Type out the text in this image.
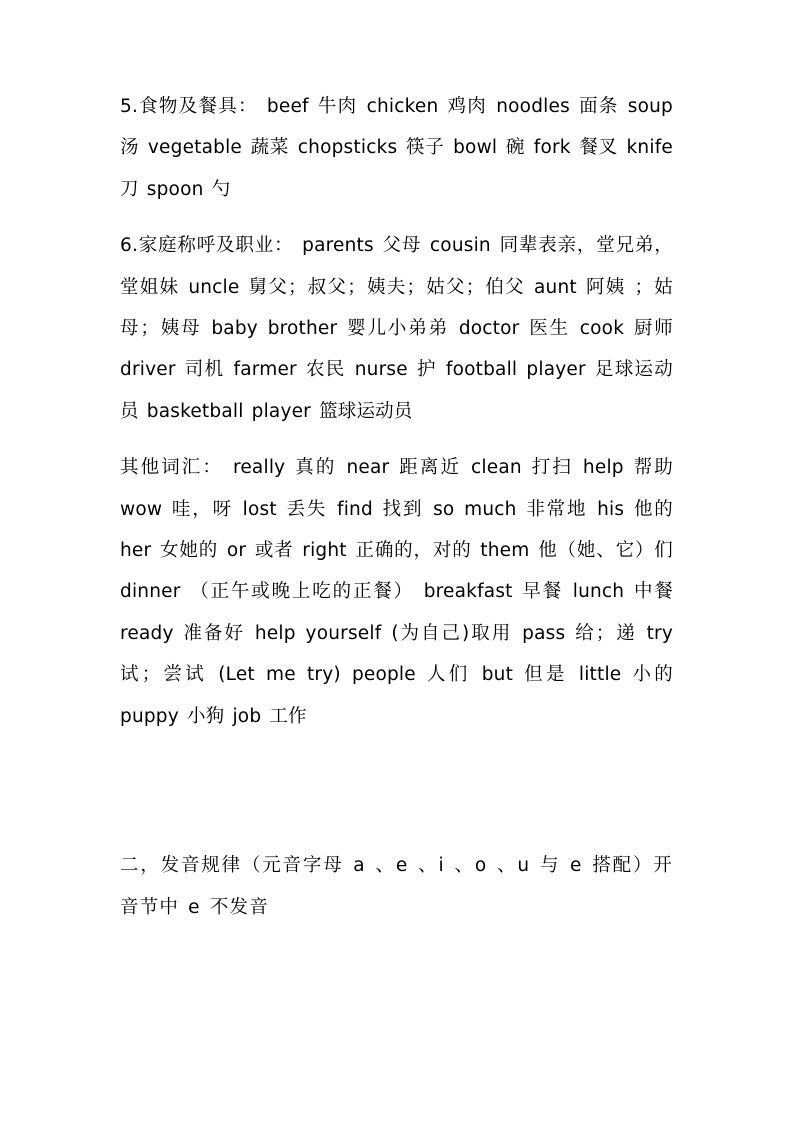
5.食物及餐具： beef 牛肉 chicken 鸡肉 noodles 面条 soup 汤 vegetable 蔬菜 chopsticks 筷子 bowl 碗 fork 餐叉 knife 刀 spoon 勺

6.家庭称呼及职业： parents 父母 cousin 同辈表亲，堂兄弟，堂姐妹 uncle 舅父；叔父；姨夫；姑父；伯父 aunt 阿姨 ；姑母；姨母 baby brother 婴儿小弟弟 doctor 医生 cook 厨师 driver 司机 farmer 农民 nurse 护 football player 足球运动员 basketball player 篮球运动员

其他词汇： really 真的 near 距离近 clean 打扫 help 帮助 wow 哇，呀 lost 丢失 find 找到 so much 非常地 his 他的 her 女她的 or 或者 right 正确的，对的 them 他（她、它）们 dinner （正午或晚上吃的正餐） breakfast 早餐 lunch 中餐 ready 准备好 help yourself (为自己)取用 pass 给；递 try 试；尝试 (Let me try) people 人们 but 但是 little 小的 puppy 小狗 job 工作

二，发音规律（元音字母 a 、e 、i 、o 、u 与 e 搭配）开音节中 e 不发音
